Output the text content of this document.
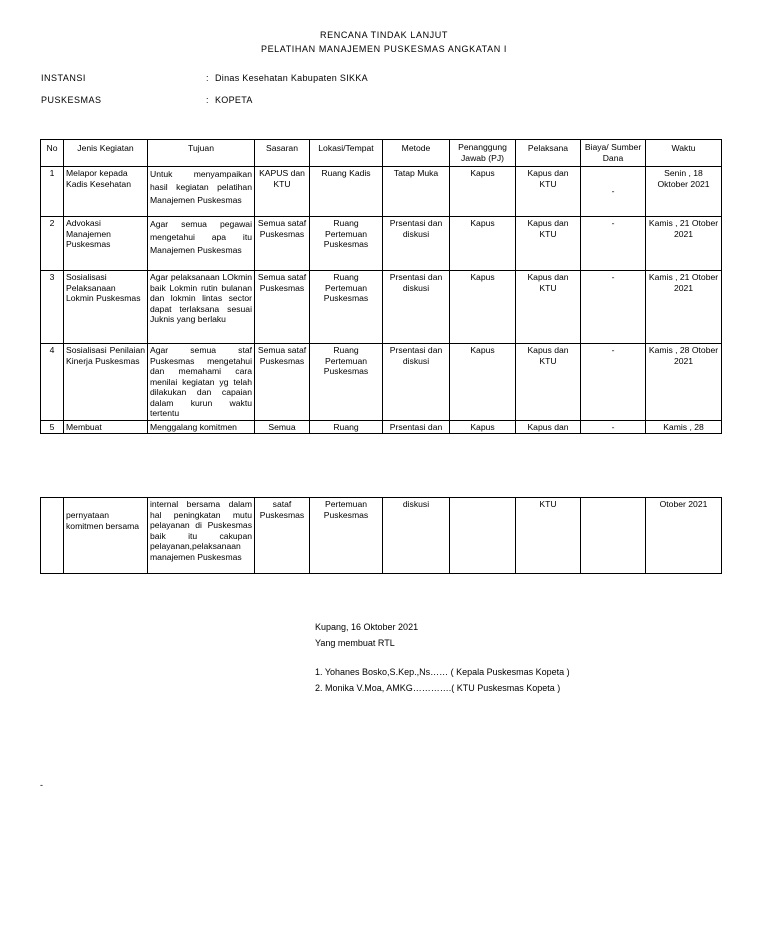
RENCANA TINDAK LANJUT
PELATIHAN MANAJEMEN PUSKESMAS ANGKATAN I
INSTANSI	: Dinas Kesehatan Kabupaten SIKKA
PUSKESMAS	: KOPETA
No	Jenis Kegiatan	Tujuan	Sasaran	Lokasi/Tempat	Metode	Penanggung Jawab (PJ)	Pelaksana	Biaya/ Sumber Dana	Waktu
1	Melapor kepada Kadis Kesehatan	Untuk menyampaikan hasil kegiatan pelatihan Manajemen Puskesmas	KAPUS dan KTU	Ruang Kadis	Tatap Muka	Kapus	Kapus dan KTU	-	Senin , 18 Oktober 2021
2	Advokasi Manajemen Puskesmas	Agar semua pegawai mengetahui apa itu Manajemen Puskesmas	Semua sataf Puskesmas	Ruang Pertemuan Puskesmas	Prsentasi dan diskusi	Kapus	Kapus dan KTU	-	Kamis , 21 Otober 2021
3	Sosialisasi Pelaksanaan Lokmin Puskesmas	Agar pelaksanaan LOkmin baik Lokmin rutin bulanan dan lokmin lintas sector dapat terlaksana sesuai Juknis yang berlaku	Semua sataf Puskesmas	Ruang Pertemuan Puskesmas	Prsentasi dan diskusi	Kapus	Kapus dan KTU	-	Kamis , 21 Otober 2021
4	Sosialisasi Penilaian Kinerja Puskesmas	Agar semua staf Puskesmas mengetahui dan memahami cara menilai kegiatan yg telah dilakukan dan capaian dalam kurun waktu tertentu	Semua sataf Puskesmas	Ruang Pertemuan Puskesmas	Prsentasi dan diskusi	Kapus	Kapus dan KTU	-	Kamis , 28 Otober 2021
5	Membuat	Menggalang komitmen	Semua	Ruang	Prsentasi dan	Kapus	Kapus dan	-	Kamis , 28
	pernyataan komitmen bersama	internal bersama dalam hal peningkatan mutu pelayanan di Puskesmas baik itu cakupan pelayanan,pelaksanaan manajemen Puskesmas	sataf Puskesmas	Pertemuan Puskesmas	diskusi		KTU		Otober 2021
Kupang, 16 Oktober 2021
Yang membuat RTL
1. Yohanes Bosko,S.Kep.,Ns…… ( Kepala Puskesmas Kopeta )
2. Monika V.Moa, AMKG………….( KTU Puskesmas Kopeta )
-
